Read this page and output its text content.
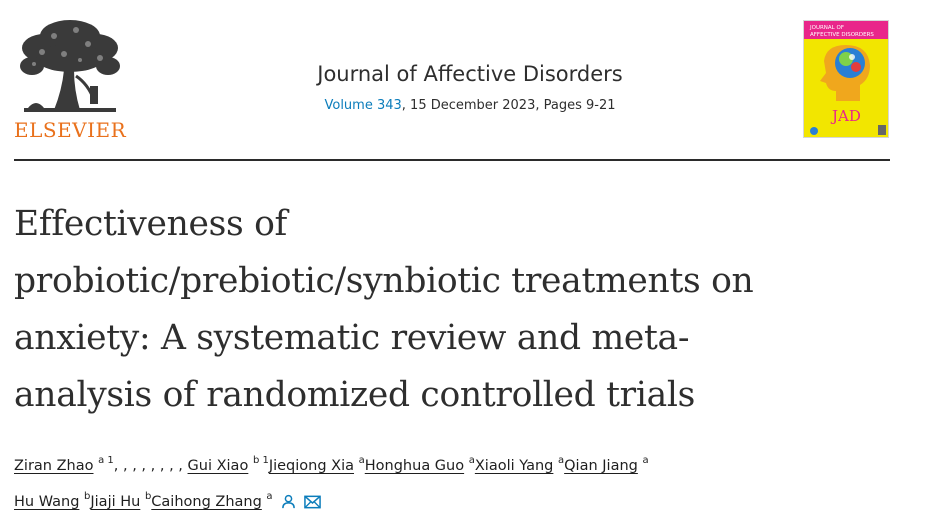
ELSEVIER
Journal of Affective Disorders
Volume 343, 15 December 2023, Pages 9-21
JOURNAL OF
AFFECTIVE DISORDERS
JAD
Effectiveness of
probiotic/prebiotic/synbiotic treatments on
anxiety: A systematic review and meta-
analysis of randomized controlled trials
Ziran Zhao $^{a 1}$, , , , , , , , Gui Xiao $^{b 1}$Jieqiong Xia $^a$Honghua Guo $^a$Xiaoli Yang $^a$Qian Jiang $^a$
Hu Wang $^b$Jiaji Hu $^b$Caihong Zhang $^a$
